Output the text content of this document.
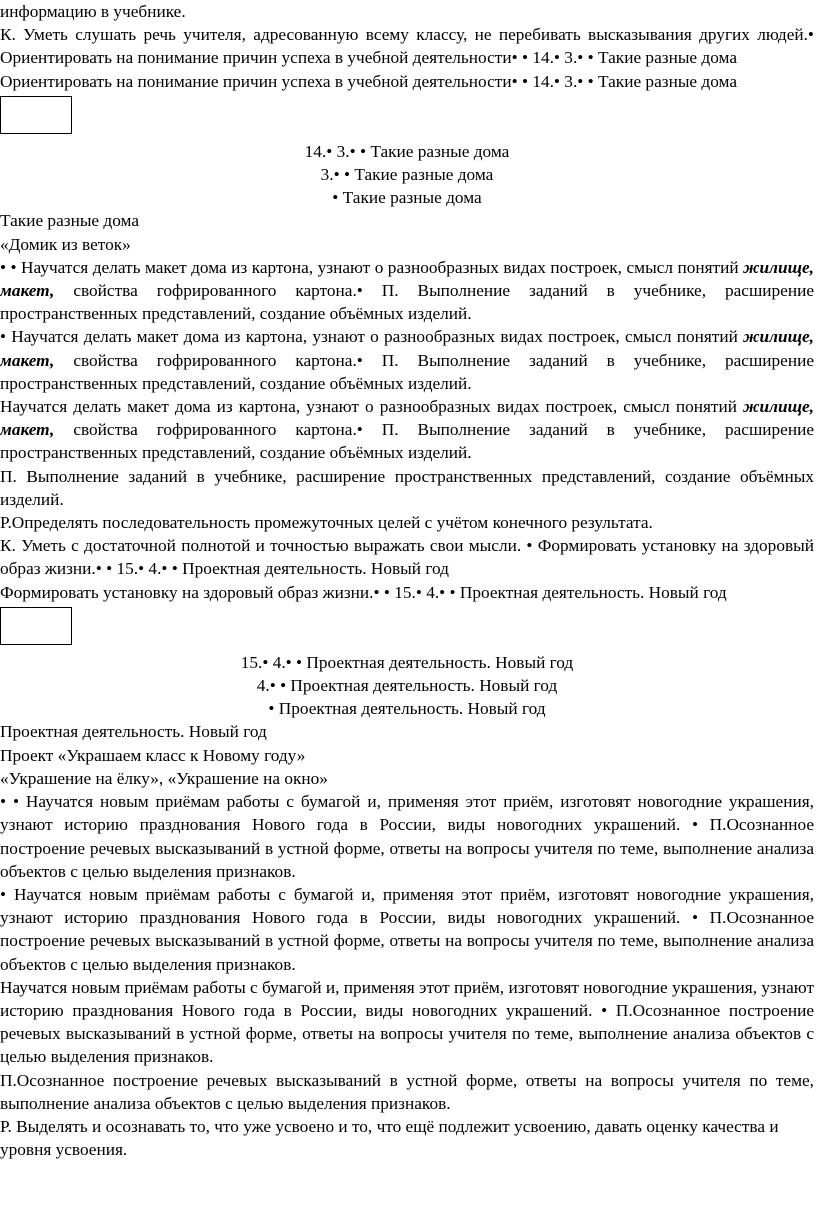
информацию в учебнике.

К. Уметь слушать речь учителя, адресованную всему классу, не перебивать высказывания других людей.• Ориентировать на понимание причин успеха в учебной деятельности• • 14.• 3.• • Такие разные дома

Ориентировать на понимание причин успеха в учебной деятельности• • 14.• 3.• • Такие разные дома

14.• 3.• • Такие разные дома

3.• • Такие разные дома

• Такие разные дома

Такие разные дома

«Домик из веток»

• • Научатся делать макет дома из картона, узнают о разнообразных видах построек, смысл понятий жилище, макет, свойства гофрированного картона.• П. Выполнение заданий в учебнике, расширение пространственных представлений, создание объёмных изделий.

• Научатся делать макет дома из картона, узнают о разнообразных видах построек, смысл понятий жилище, макет, свойства гофрированного картона.• П. Выполнение заданий в учебнике, расширение пространственных представлений, создание объёмных изделий.

Научатся делать макет дома из картона, узнают о разнообразных видах построек, смысл понятий жилище, макет, свойства гофрированного картона.• П. Выполнение заданий в учебнике, расширение пространственных представлений, создание объёмных изделий.

П. Выполнение заданий в учебнике, расширение пространственных представлений, создание объёмных изделий.

Р.Определять последовательность промежуточных целей с учётом конечного результата.

К. Уметь с достаточной полнотой и точностью выражать свои мысли. • Формировать установку на здоровый образ жизни.• • 15.• 4.• • Проектная деятельность. Новый год

Формировать установку на здоровый образ жизни.• • 15.• 4.• • Проектная деятельность. Новый год

15.• 4.• • Проектная деятельность. Новый год

4.• • Проектная деятельность. Новый год

• Проектная деятельность. Новый год

Проектная деятельность. Новый год

Проект «Украшаем класс к Новому году»

«Украшение на ёлку», «Украшение на окно»

• • Научатся новым приёмам работы с бумагой и, применяя этот приём, изготовят новогодние украшения, узнают историю празднования Нового года в России, виды новогодних украшений. • П.Осознанное построение речевых высказываний в устной форме, ответы на вопросы учителя по теме, выполнение анализа объектов с целью выделения признаков.

• Научатся новым приёмам работы с бумагой и, применяя этот приём, изготовят новогодние украшения, узнают историю празднования Нового года в России, виды новогодних украшений. • П.Осознанное построение речевых высказываний в устной форме, ответы на вопросы учителя по теме, выполнение анализа объектов с целью выделения признаков.

Научатся новым приёмам работы с бумагой и, применяя этот приём, изготовят новогодние украшения, узнают историю празднования Нового года в России, виды новогодних украшений. • П.Осознанное построение речевых высказываний в устной форме, ответы на вопросы учителя по теме, выполнение анализа объектов с целью выделения признаков.

П.Осознанное построение речевых высказываний в устной форме, ответы на вопросы учителя по теме, выполнение анализа объектов с целью выделения признаков.

Р. Выделять и осознавать то, что уже усвоено и то, что ещё подлежит усвоению, давать оценку качества и уровня усвоения.
